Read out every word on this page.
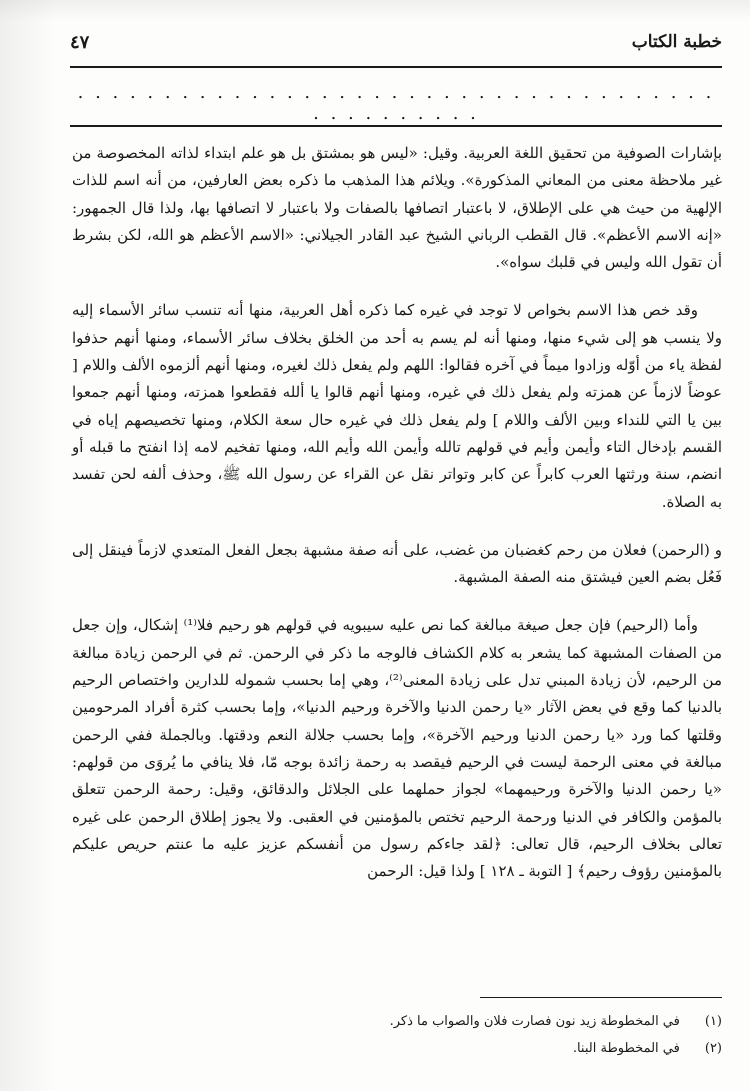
خطبة الكتاب
٤٧
. . . . . . . . . . . . . . . . . . . . . . . . . . . . . . . . . . . . . . . . . . . . . . .

بإشارات الصوفية من تحقيق اللغة العربية. وقيل: «ليس هو بمشتق بل هو علم ابتداء لذاته المخصوصة من غير ملاحظة معنى من المعاني المذكورة». ويلائم هذا المذهب ما ذكره بعض العارفين، من أنه اسم للذات الإلهية من حيث هي على الإطلاق، لا باعتبار اتصافها بالصفات ولا باعتبار لا اتصافها بها، ولذا قال الجمهور: «إنه الاسم الأعظم». قال القطب الرباني الشيخ عبد القادر الجيلاني: «الاسم الأعظم هو الله، لكن بشرط أن تقول الله وليس في قلبك سواه».

وقد خص هذا الاسم بخواص لا توجد في غيره كما ذكره أهل العربية، منها أنه تنسب سائر الأسماء إليه ولا ينسب هو إلى شيء منها، ومنها أنه لم يسم به أحد من الخلق بخلاف سائر الأسماء، ومنها أنهم حذفوا لفظة ياء من أوّله وزادوا ميماً في آخره فقالوا: اللهم ولم يفعل ذلك لغيره، ومنها أنهم ألزموه الألف واللام [ عوضاً لازماً عن همزته ولم يفعل ذلك في غيره، ومنها أنهم قالوا يا ألله فقطعوا همزته، ومنها أنهم جمعوا بين يا التي للنداء وبين الألف واللام ] ولم يفعل ذلك في غيره حال سعة الكلام، ومنها تخصيصهم إياه في القسم بإدخال التاء وأيمن وأيم في قولهم تالله وأيمن الله وأيم الله، ومنها تفخيم لامه إذا انفتح ما قبله أو انضم، سنة ورثتها العرب كابراً عن كابر وتواتر نقل عن القراء عن رسول الله ﷺ، وحذف ألفه لحن تفسد به الصلاة.

و (الرحمن) فعلان من رحم كغضبان من غضب، على أنه صفة مشبهة بجعل الفعل المتعدي لازماً فينقل إلى فَعُل بضم العين فيشتق منه الصفة المشبهة.

وأما (الرحيم) فإن جعل صيغة مبالغة كما نص عليه سيبويه في قولهم هو رحيم فلا⁽¹⁾ إشكال، وإن جعل من الصفات المشبهة كما يشعر به كلام الكشاف فالوجه ما ذكر في الرحمن. ثم في الرحمن زيادة مبالغة من الرحيم، لأن زيادة المبني تدل على زيادة المعنى⁽²⁾، وهي إما بحسب شموله للدارين واختصاص الرحيم بالدنيا كما وقع في بعض الآثار «يا رحمن الدنيا والآخرة ورحيم الدنيا»، وإما بحسب كثرة أفراد المرحومين وقلتها كما ورد «يا رحمن الدنيا ورحيم الآخرة»، وإما بحسب جلالة النعم ودقتها. وبالجملة ففي الرحمن مبالغة في معنى الرحمة ليست في الرحيم فيقصد به رحمة زائدة بوجه مّا، فلا ينافي ما يُروَى من قولهم: «يا رحمن الدنيا والآخرة ورحيمهما» لجواز حملهما على الجلائل والدقائق، وقيل: رحمة الرحمن تتعلق بالمؤمن والكافر في الدنيا ورحمة الرحيم تختص بالمؤمنين في العقبى. ولا يجوز إطلاق الرحمن على غيره تعالى بخلاف الرحيم، قال تعالى: ﴿لقد جاءكم رسول من أنفسكم عزيز عليه ما عنتم حريص عليكم بالمؤمنين رؤوف رحيم﴾ [ التوبة ـ ١٢٨ ] ولذا قيل: الرحمن

(١) في المخطوطة زيد نون فصارت فلان والصواب ما ذكر.
(٢) في المخطوطة البنا.
